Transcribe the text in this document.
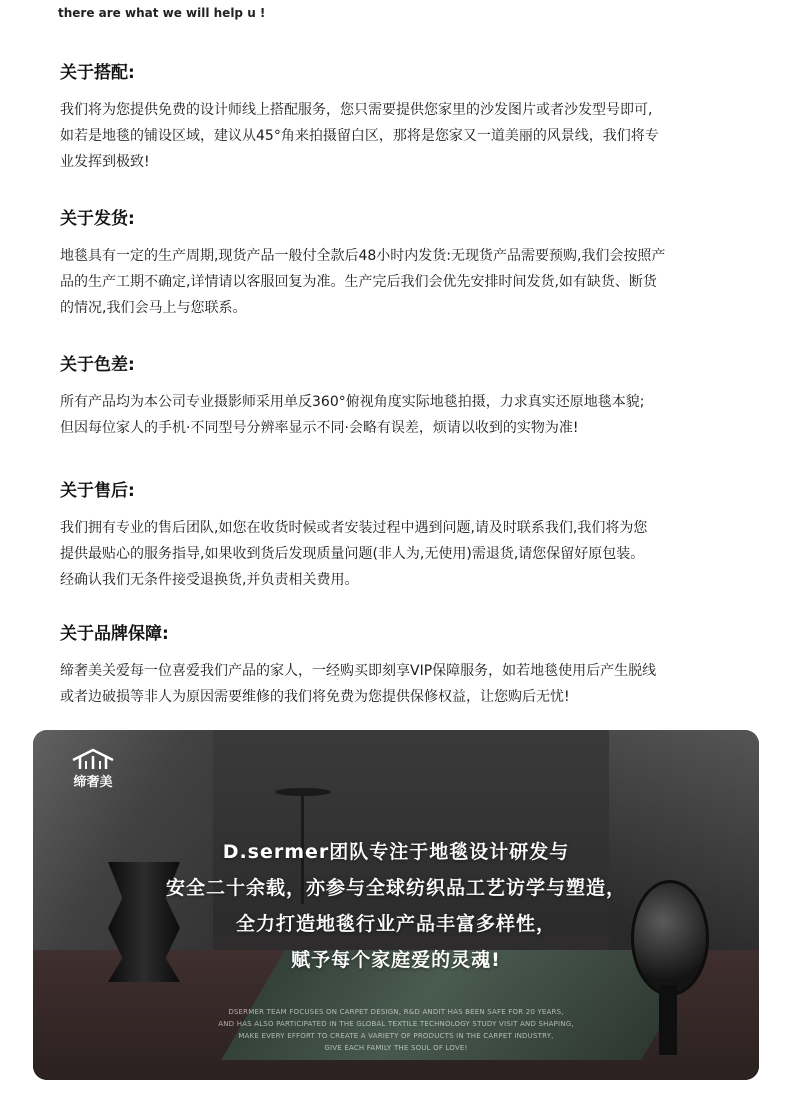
there are what we will help u !
关于搭配:

我们将为您提供免费的设计师线上搭配服务，您只需要提供您家里的沙发图片或者沙发型号即可,
如若是地毯的铺设区域，建议从45°角来拍摄留白区，那将是您家又一道美丽的风景线，我们将专
业发挥到极致!

关于发货:

地毯具有一定的生产周期,现货产品一般付全款后48小时内发货:无现货产品需要预购,我们会按照产
品的生产工期不确定,详情请以客服回复为准。生产完后我们会优先安排时间发货,如有缺货、断货
的情况,我们会马上与您联系。

关于色差:

所有产品均为本公司专业摄影师采用单反360°俯视角度实际地毯拍摄，力求真实还原地毯本貌;
但因每位家人的手机·不同型号分辨率显示不同·会略有误差，烦请以收到的实物为准!

关于售后:

我们拥有专业的售后团队,如您在收货时候或者安装过程中遇到问题,请及时联系我们,我们将为您
提供最贴心的服务指导,如果收到货后发现质量问题(非人为,无使用)需退货,请您保留好原包装。
经确认我们无条件接受退换货,并负责相关费用。

关于品牌保障:

缔奢美关爱每一位喜爱我们产品的家人，一经购买即刻享VIP保障服务，如若地毯使用后产生脱线
或者边破损等非人为原因需要维修的我们将免费为您提供保修权益，让您购后无忧!

缔奢美
D.sermer团队专注于地毯设计研发与
安全二十余载，亦参与全球纺织品工艺访学与塑造，
全力打造地毯行业产品丰富多样性，
赋予每个家庭爱的灵魂!
DSERMER TEAM FOCUSES ON CARPET DESIGN, R&D ANDIT HAS BEEN SAFE FOR 20 YEARS,
AND HAS ALSO PARTICIPATED IN THE GLOBAL TEXTILE TECHNOLOGY STUDY VISIT AND SHAPING,
MAKE EVERY EFFORT TO CREATE A VARIETY OF PRODUCTS IN THE CARPET INDUSTRY,
GIVE EACH FAMILY THE SOUL OF LOVE!
